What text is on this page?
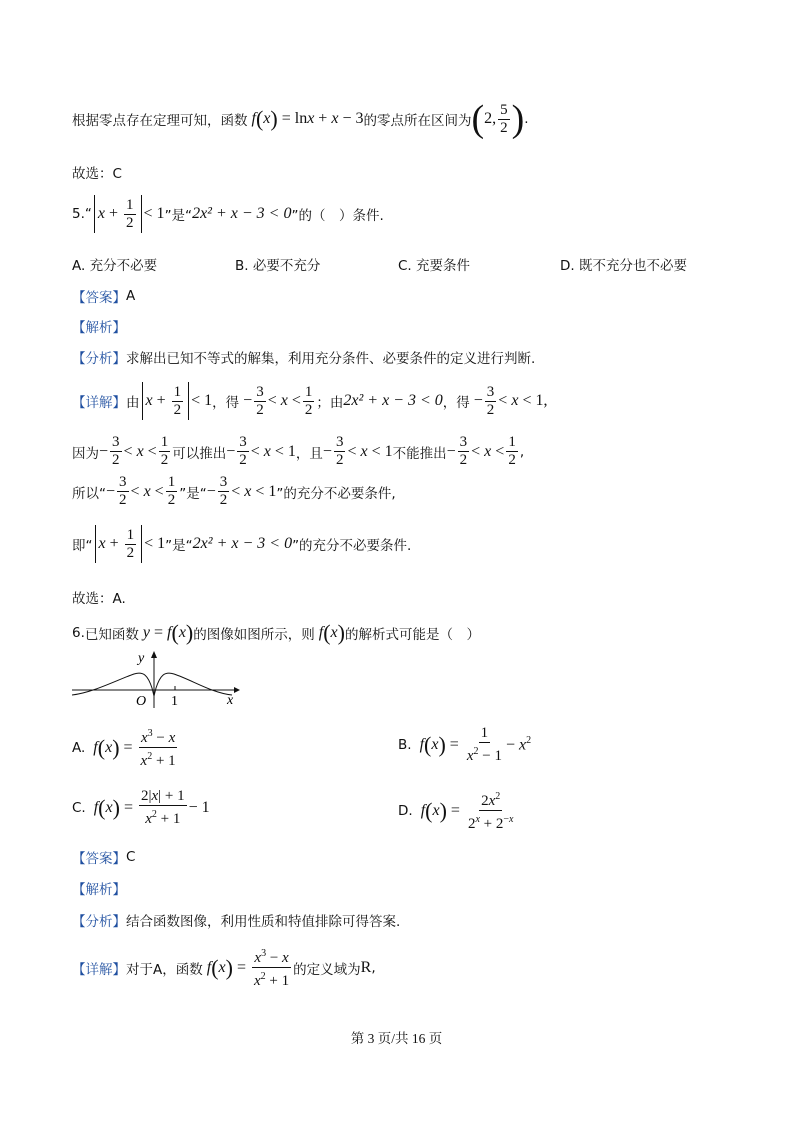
根据零点存在定理可知，函数 f ( x ) = lnx + x − 3 的零点所在区间为 ( 2, $\frac{5}{2}$ ) .
故选：C
5. “ $x + \frac{1}{2} < 1$ ”是“ 2x² + x − 3 < 0 ”的（　）条件.
A. 充分不必要	B. 必要不充分	C. 充要条件	D. 既不充分也不必要
【答案】 A
【解析】
【分析】 求解出已知不等式的解集，利用充分条件、必要条件的定义进行判断.
【详解】 由 $x + \frac{1}{2} < 1$ ，得 − $\frac{3}{2} < x < \frac{1}{2}$ ；由 2x² + x − 3 < 0 ，得 − $\frac{3}{2} < x < 1$,
因为 − $\frac{3}{2} < x < \frac{1}{2}$ 可以推出 − $\frac{3}{2} < x < 1$ ，且 − $\frac{3}{2} < x < 1$ 不能推出 − $\frac{3}{2} < x < \frac{1}{2}$ ,
所以“ − $\frac{3}{2} < x < \frac{1}{2}$ ”是“ − $\frac{3}{2} < x < 1$ ”的充分不必要条件,
即“ $x + \frac{1}{2} < 1$ ”是“ 2x² + x − 3 < 0 ”的充分不必要条件.
故选：A.
6. 已知函数 y = f ( x ) 的图像如图所示，则 f ( x ) 的解析式可能是（　）
y
x
O 1
A. f ( x ) = $\frac{x^3 - x}{x^2 + 1}$	B. f ( x ) = $\frac{1}{x^2 - 1} - x^2$
C. f ( x ) = $\frac{2|x| + 1}{x^2 + 1} - 1$	D. f ( x ) = $\frac{2x^2}{2^x + 2^{-x}}$
【答案】 C
【解析】
【分析】 结合函数图像，利用性质和特值排除可得答案.
【详解】 对于A，函数 f ( x ) = $\frac{x^3 - x}{x^2 + 1}$ 的定义域为 R ,
第 3 页/共 16 页
